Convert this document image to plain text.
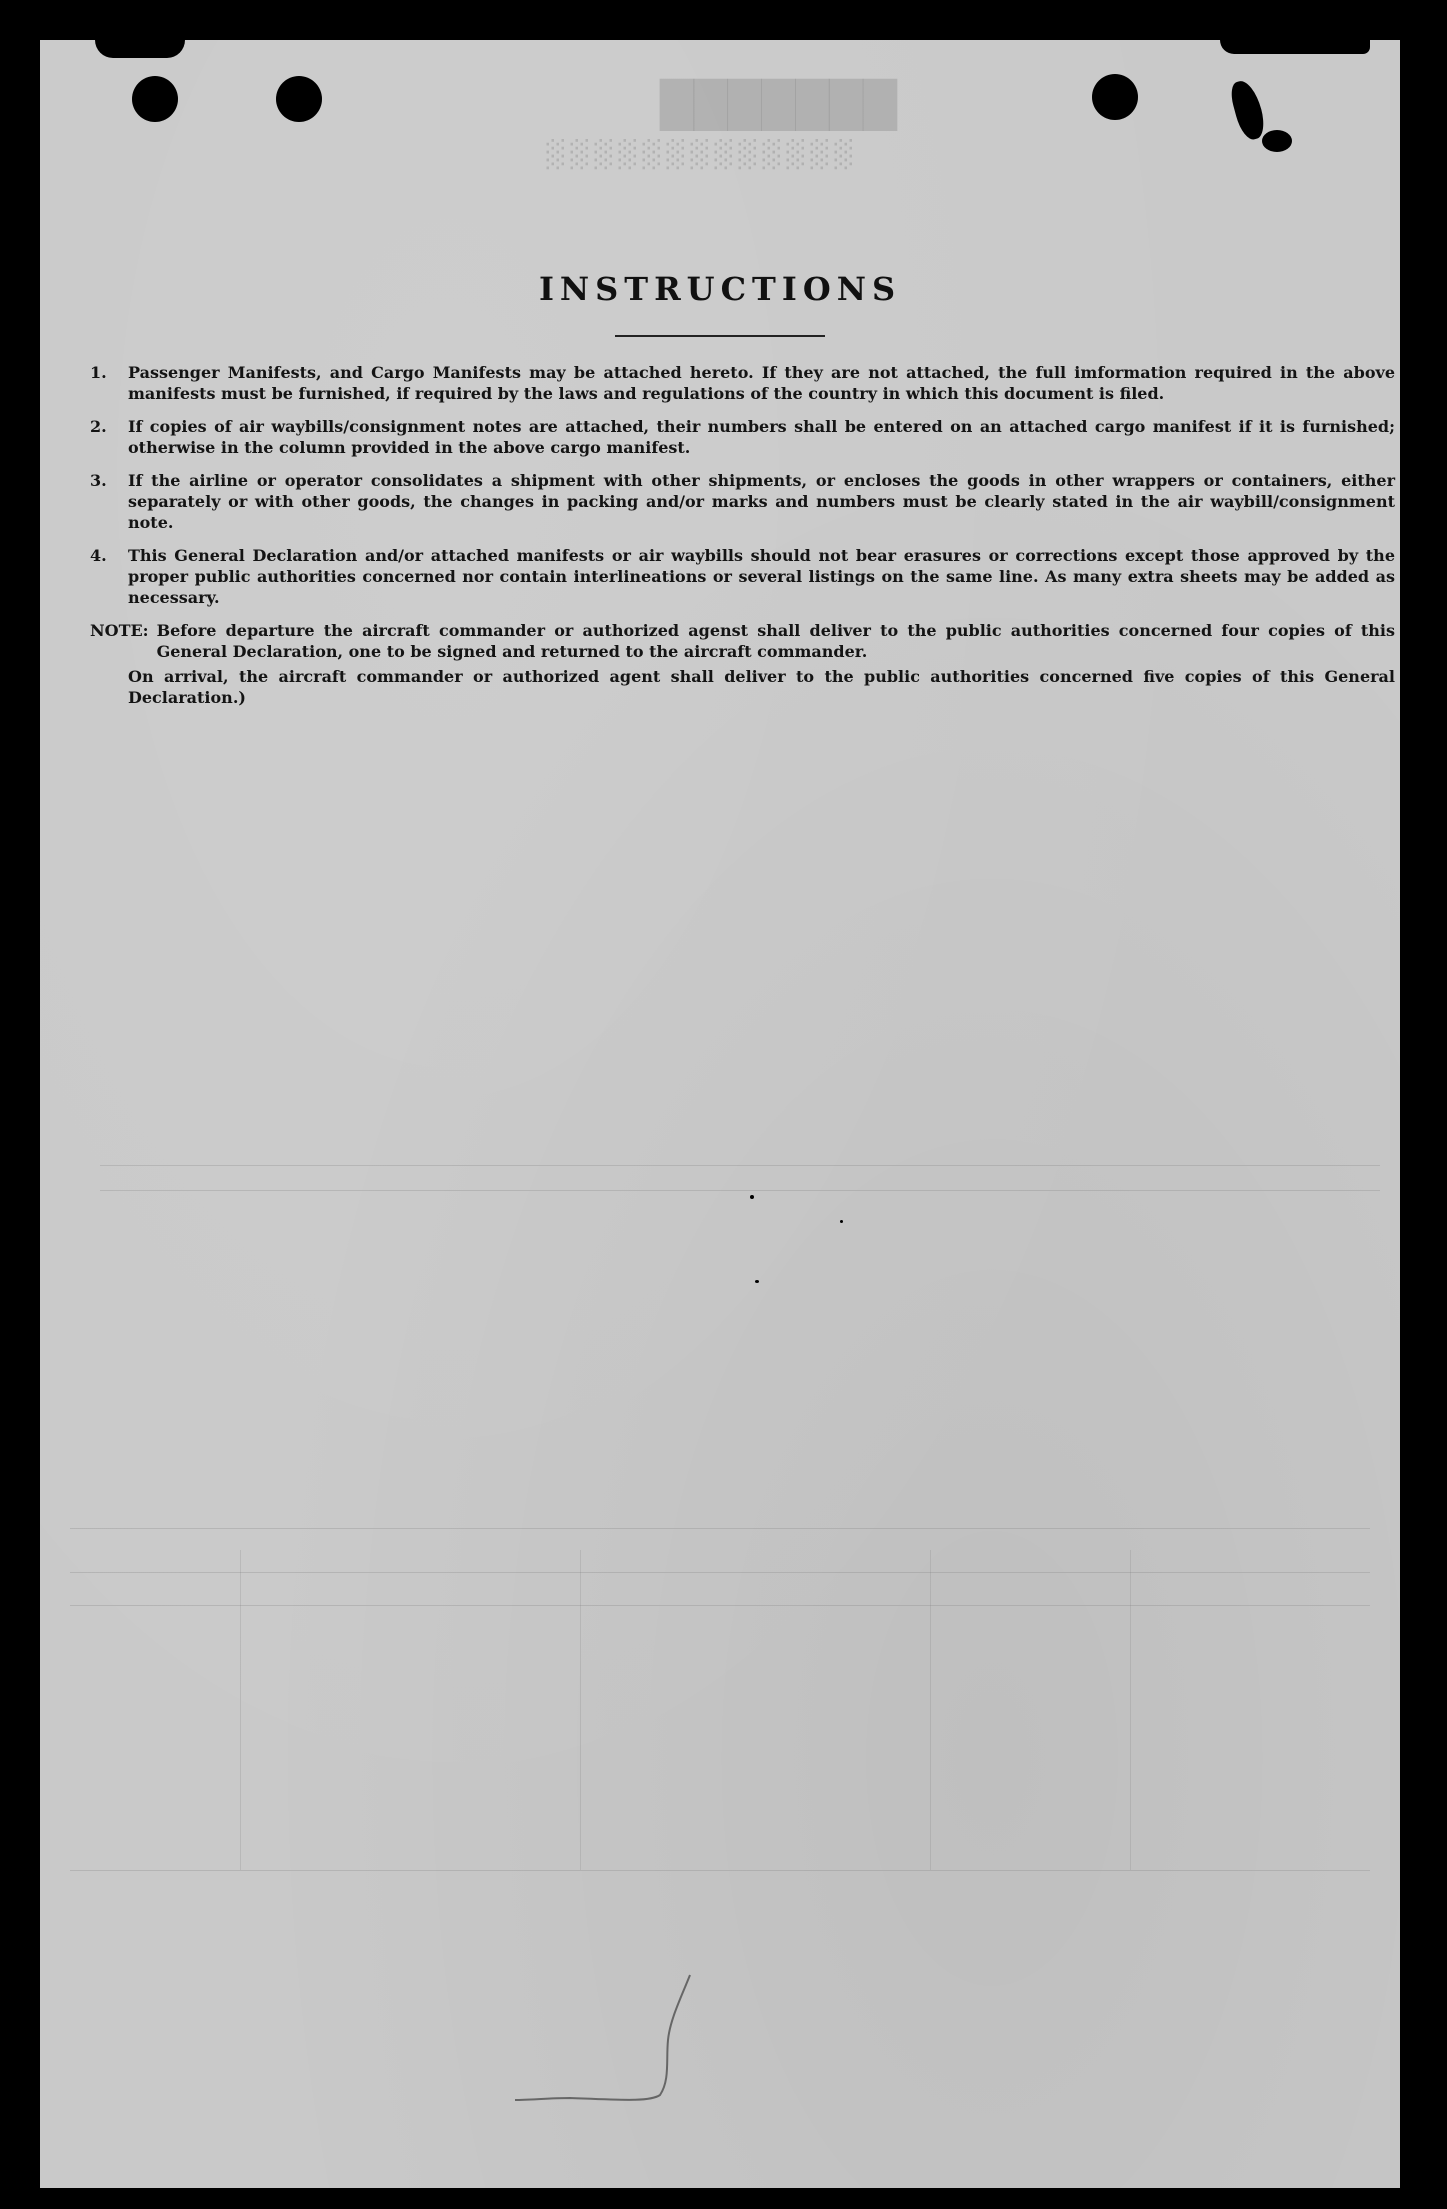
███████
░░░░░░░░░░░░░
INSTRUCTIONS
1.	Passenger Manifests, and Cargo Manifests may be attached hereto. If they are not attached, the full imformation required in the above manifests must be furnished, if required by the laws and regulations of the country in which this document is filed.
2.	If copies of air waybills/consignment notes are attached, their numbers shall be entered on an attached cargo manifest if it is furnished; otherwise in the column provided in the above cargo manifest.
3.	If the airline or operator consolidates a shipment with other shipments, or encloses the goods in other wrappers or containers, either separately or with other goods, the changes in packing and/or marks and numbers must be clearly stated in the air waybill/consignment note.
4.	This General Declaration and/or attached manifests or air waybills should not bear erasures or corrections except those approved by the proper public authorities concerned nor contain interlineations or several listings on the same line. As many extra sheets may be added as necessary.
NOTE: Before departure the aircraft commander or authorized agenst shall deliver to the public authorities concerned four copies of this General Declaration, one to be signed and returned to the aircraft commander.
On arrival, the aircraft commander or authorized agent shall deliver to the public authorities concerned five copies of this General Declaration.)
